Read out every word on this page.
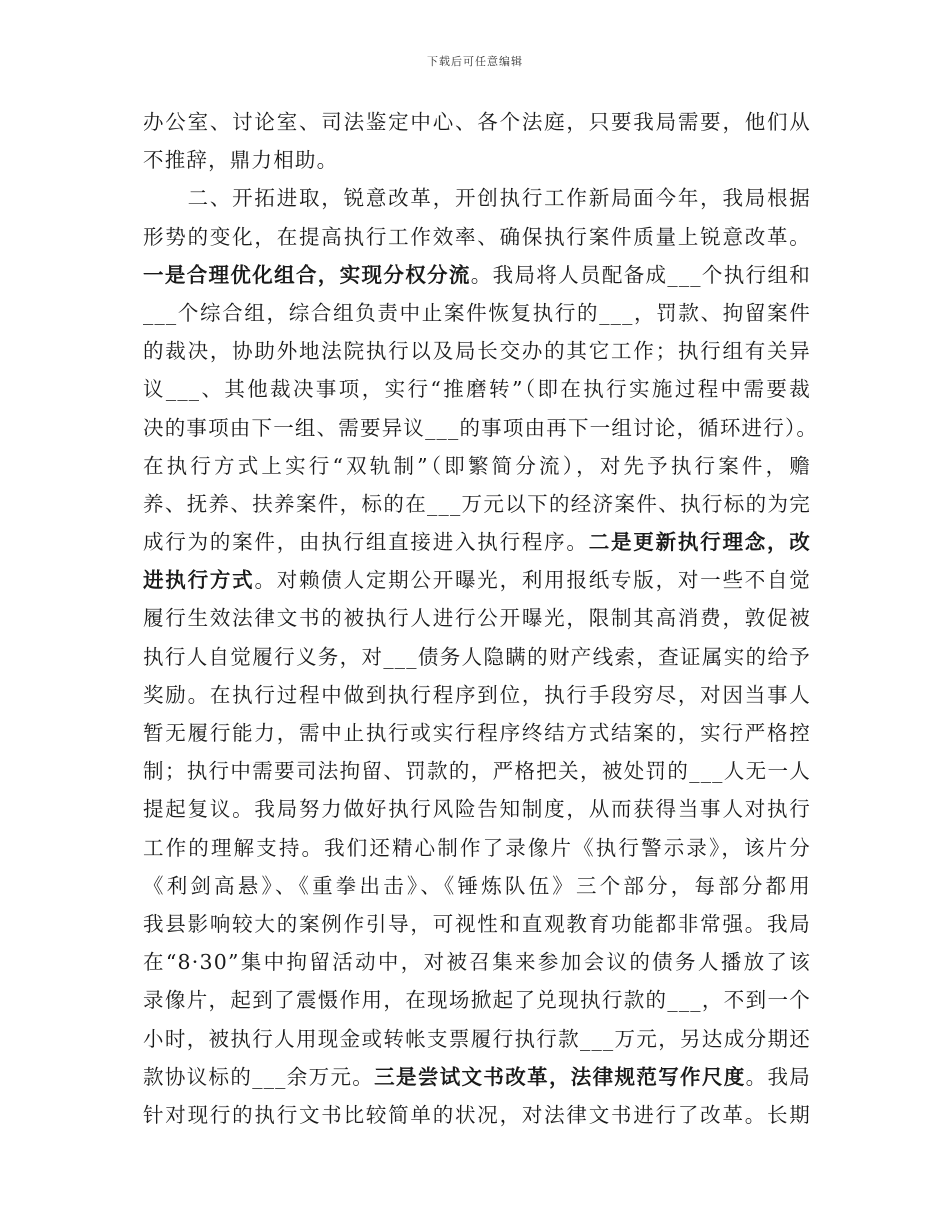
下载后可任意编辑
办公室、讨论室、司法鉴定中心、各个法庭，只要我局需要，他们从
不推辞，鼎力相助。
　　二、开拓进取，锐意改革，开创执行工作新局面今年，我局根据
形势的变化，在提高执行工作效率、确保执行案件质量上锐意改革。
一是合理优化组合，实现分权分流。我局将人员配备成___个执行组和
___个综合组，综合组负责中止案件恢复执行的___，罚款、拘留案件
的裁决，协助外地法院执行以及局长交办的其它工作；执行组有关异
议___、其他裁决事项，实行“推磨转”（即在执行实施过程中需要裁
决的事项由下一组、需要异议___的事项由再下一组讨论，循环进行）。
在执行方式上实行“双轨制”（即繁简分流），对先予执行案件，赡
养、抚养、扶养案件，标的在___万元以下的经济案件、执行标的为完
成行为的案件，由执行组直接进入执行程序。二是更新执行理念，改
进执行方式。对赖债人定期公开曝光，利用报纸专版，对一些不自觉
履行生效法律文书的被执行人进行公开曝光，限制其高消费，敦促被
执行人自觉履行义务，对___债务人隐瞒的财产线索，查证属实的给予
奖励。在执行过程中做到执行程序到位，执行手段穷尽，对因当事人
暂无履行能力，需中止执行或实行程序终结方式结案的，实行严格控
制；执行中需要司法拘留、罚款的，严格把关，被处罚的___人无一人
提起复议。我局努力做好执行风险告知制度，从而获得当事人对执行
工作的理解支持。我们还精心制作了录像片《执行警示录》，该片分
《利剑高悬》、《重拳出击》、《锤炼队伍》三个部分，每部分都用
我县影响较大的案例作引导，可视性和直观教育功能都非常强。我局
在“8·30”集中拘留活动中，对被召集来参加会议的债务人播放了该
录像片，起到了震慑作用，在现场掀起了兑现执行款的___，不到一个
小时，被执行人用现金或转帐支票履行执行款___万元，另达成分期还
款协议标的___余万元。三是尝试文书改革，法律规范写作尺度。我局
针对现行的执行文书比较简单的状况，对法律文书进行了改革。长期
